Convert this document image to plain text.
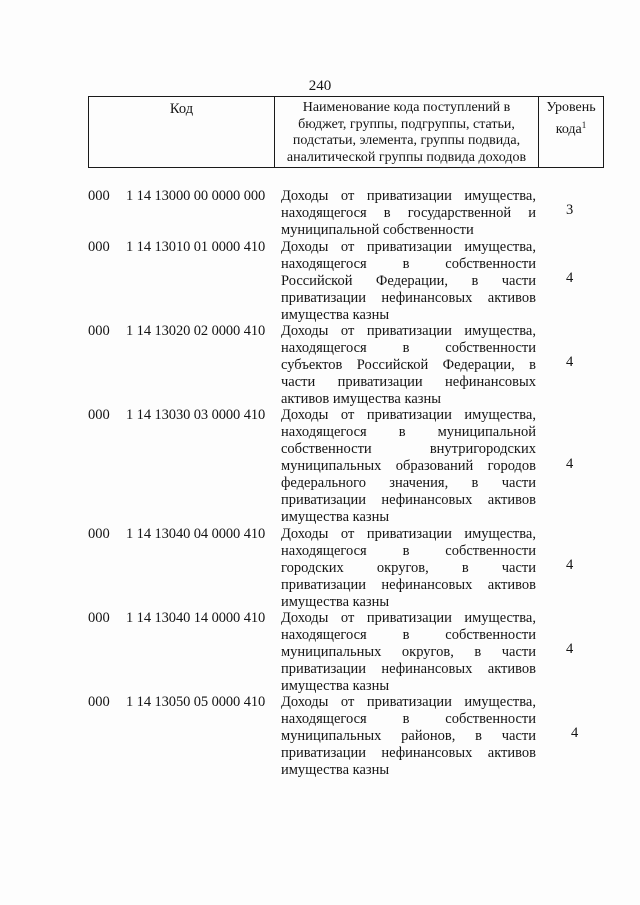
240
Код	Наименование кода поступлений в
бюджет, группы, подгруппы, статьи,
подстатьи, элемента, группы подвида,
аналитической группы подвида доходов
Уровень
кода$^1$
000 1 14 13000 00 0000 000 Доходы от приватизации имущества,
находящегося в государственной и
муниципальной собственности
3
000 1 14 13010 01 0000 410 Доходы от приватизации имущества,
находящегося в собственности
Российской Федерации, в части
приватизации нефинансовых активов
имущества казны
4
000 1 14 13020 02 0000 410 Доходы от приватизации имущества,
находящегося в собственности
субъектов Российской Федерации, в
части приватизации нефинансовых
активов имущества казны
4
000 1 14 13030 03 0000 410 Доходы от приватизации имущества,
находящегося в муниципальной
собственности внутригородских
муниципальных образований городов
федерального значения, в части
приватизации нефинансовых активов
имущества казны
4
000 1 14 13040 04 0000 410 Доходы от приватизации имущества,
находящегося в собственности
городских округов, в части
приватизации нефинансовых активов
имущества казны
4
000 1 14 13040 14 0000 410 Доходы от приватизации имущества,
находящегося в собственности
муниципальных округов, в части
приватизации нефинансовых активов
имущества казны
4
000 1 14 13050 05 0000 410 Доходы от приватизации имущества,
находящегося в собственности
муниципальных районов, в части
приватизации нефинансовых активов
имущества казны
4
